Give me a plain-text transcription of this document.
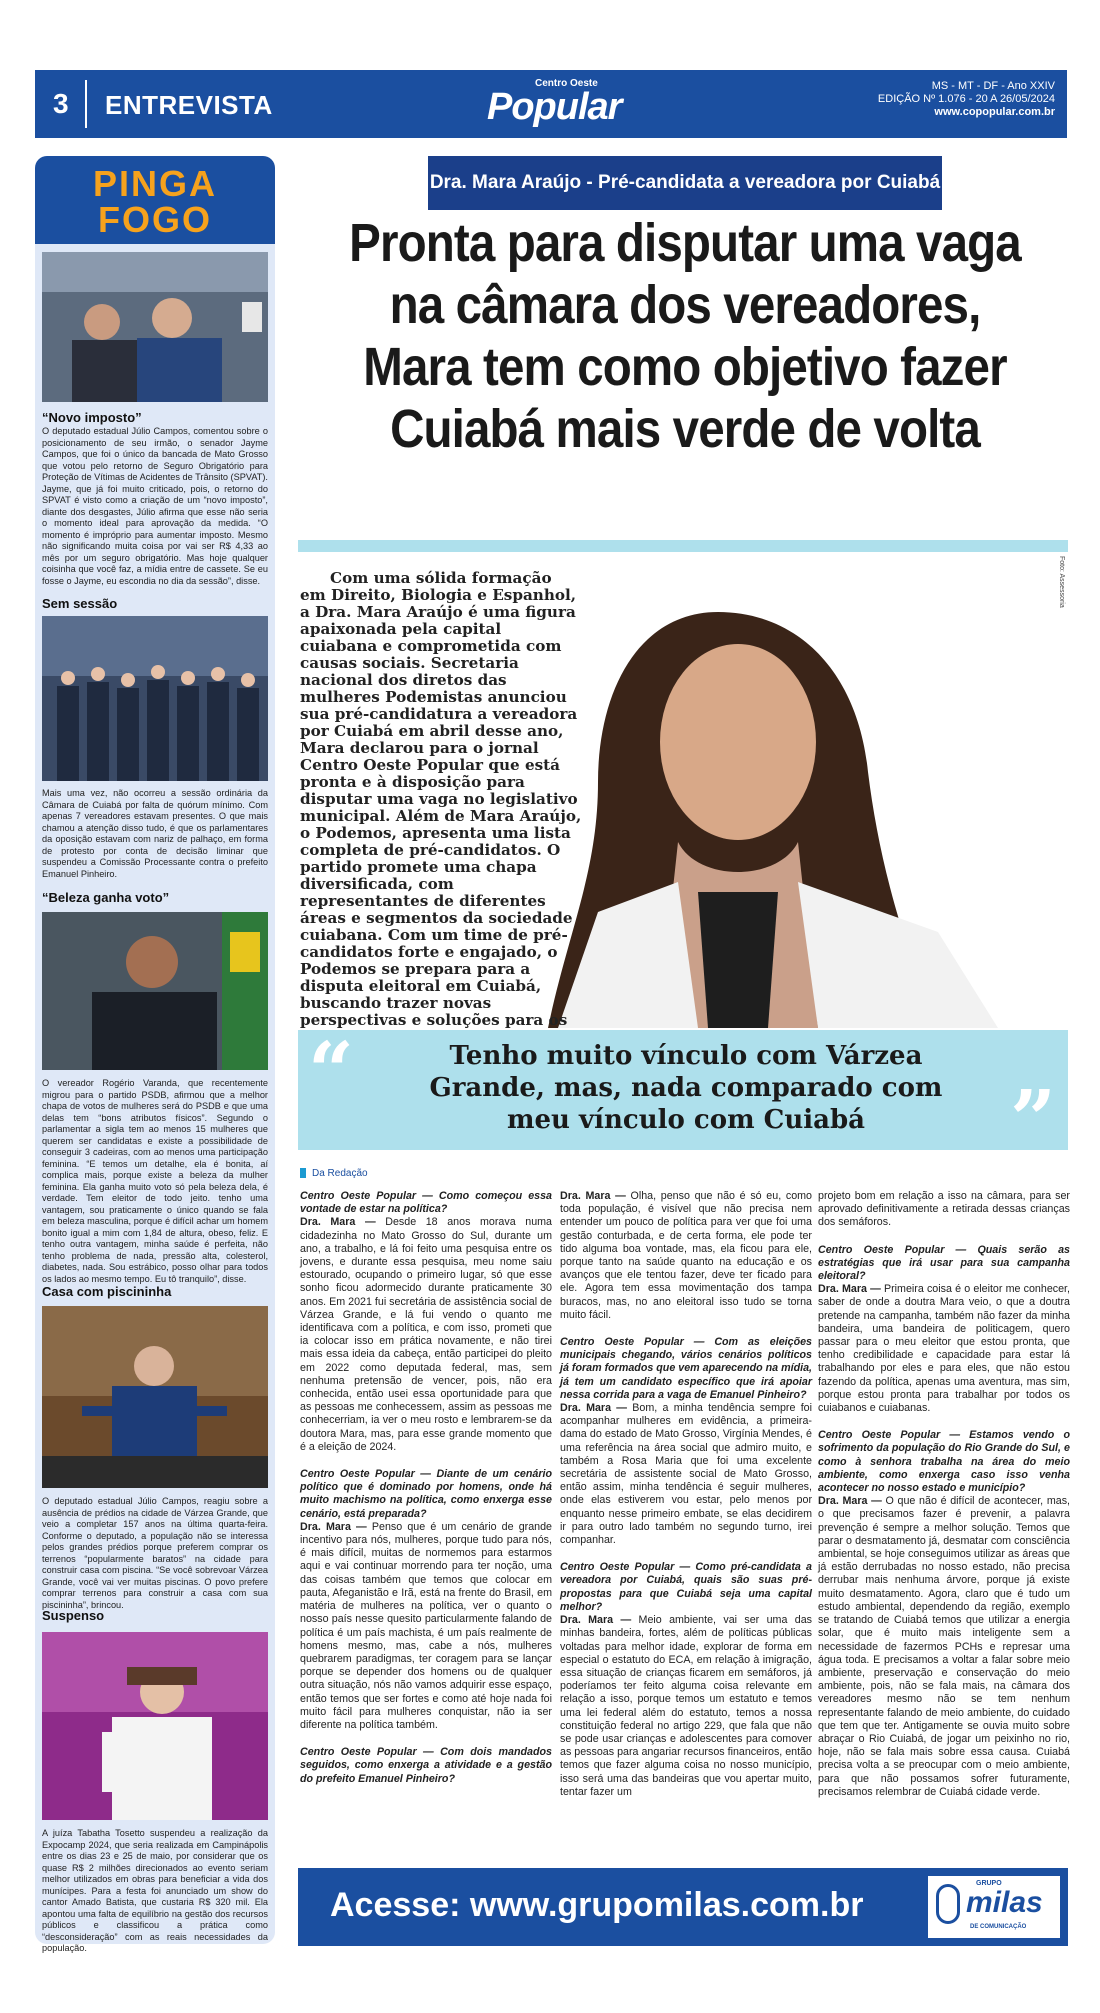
3 ENTREVISTA
Centro Oeste
Popular	MS - MT - DF - Ano XXIV
EDIÇÃO Nº 1.076 - 20 A 26/05/2024
www.copopular.com.br
PINGA
FOGO
“Novo imposto”
O deputado estadual Júlio Campos, comentou sobre o posicionamento de seu irmão, o senador Jayme Campos, que foi o único da bancada de Mato Grosso que votou pelo retorno de Seguro Obrigatório para Proteção de Vítimas de Acidentes de Trânsito (SPVAT). Jayme, que já foi muito criticado, pois, o retorno do SPVAT é visto como a criação de um “novo imposto”, diante dos desgastes, Júlio afirma que esse não seria o momento ideal para aprovação da medida. “O momento é impróprio para aumentar imposto. Mesmo não significando muita coisa por vai ser R$ 4,33 ao mês por um seguro obrigatório. Mas hoje qualquer coisinha que você faz, a mídia entre de cassete. Se eu fosse o Jayme, eu escondia no dia da sessão”, disse.
Sem sessão
Mais uma vez, não ocorreu a sessão ordinária da Câmara de Cuiabá por falta de quórum mínimo. Com apenas 7 vereadores estavam presentes. O que mais chamou a atenção disso tudo, é que os parlamentares da oposição estavam com nariz de palhaço, em forma de protesto por conta de decisão liminar que suspendeu a Comissão Processante contra o prefeito Emanuel Pinheiro.
“Beleza ganha voto”
O vereador Rogério Varanda, que recentemente migrou para o partido PSDB, afirmou que a melhor chapa de votos de mulheres será do PSDB e que uma delas tem “bons atributos físicos”. Segundo o parlamentar a sigla tem ao menos 15 mulheres que querem ser candidatas e existe a possibilidade de conseguir 3 cadeiras, com ao menos uma participação feminina. “E temos um detalhe, ela é bonita, aí complica mais, porque existe a beleza da mulher feminina. Ela ganha muito voto só pela beleza dela, é verdade. Tem eleitor de todo jeito. tenho uma vantagem, sou praticamente o único quando se fala em beleza masculina, porque é difícil achar um homem bonito igual a mim com 1,84 de altura, obeso, feliz. E tenho outra vantagem, minha saúde é perfeita, não tenho problema de nada, pressão alta, colesterol, diabetes, nada. Sou estrábico, posso olhar para todos os lados ao mesmo tempo. Eu tô tranquilo”, disse.
Casa com piscininha
O deputado estadual Júlio Campos, reagiu sobre a ausência de prédios na cidade de Várzea Grande, que veio a completar 157 anos na última quarta-feira. Conforme o deputado, a população não se interessa pelos grandes prédios porque preferem comprar os terrenos “popularmente baratos” na cidade para construir casa com piscina. “Se você sobrevoar Várzea Grande, você vai ver muitas piscinas. O povo prefere comprar terrenos para construir a casa com sua piscininha”, brincou.
Suspenso
A juíza Tabatha Tosetto suspendeu a realização da Expocamp 2024, que seria realizada em Campinápolis entre os dias 23 e 25 de maio, por considerar que os quase R$ 2 milhões direcionados ao evento seriam melhor utilizados em obras para beneficiar a vida dos munícipes. Para a festa foi anunciado um show do cantor Amado Batista, que custaria R$ 320 mil. Ela apontou uma falta de equilíbrio na gestão dos recursos públicos e classificou a prática como “desconsideração” com as reais necessidades da população.
Dra. Mara Araújo - Pré-candidata a vereadora por Cuiabá
Pronta para disputar uma vaga na câmara dos vereadores, Mara tem como objetivo fazer Cuiabá mais verde de volta
Foto: Assessoria

Com uma sólida formação em Direito, Biologia e Espanhol, a Dra. Mara Araújo é uma figura apaixonada pela capital cuiabana e comprometida com causas sociais. Secretaria nacional dos diretos das mulheres Podemistas anunciou sua pré-candidatura a vereadora por Cuiabá em abril desse ano, Mara declarou para o jornal Centro Oeste Popular que está pronta e à disposição para disputar uma vaga no legislativo municipal. Além de Mara Araújo, o Podemos, apresenta uma lista completa de pré-candidatos. O partido promete uma chapa diversificada, com representantes de diferentes áreas e segmentos da sociedade cuiabana. Com um time de pré-candidatos forte e engajado, o Podemos se prepara para a disputa eleitoral em Cuiabá, buscando trazer novas perspectivas e soluções para os

“	Tenho muito vínculo com Várzea Grande, mas, nada comparado com meu vínculo com Cuiabá	”
Da Redação

Centro Oeste Popular — Como começou essa vontade de estar na política?
Dra. Mara — Desde 18 anos morava numa cidadezinha no Mato Grosso do Sul, durante um ano, a trabalho, e lá foi feito uma pesquisa entre os jovens, e durante essa pesquisa, meu nome saiu estourado, ocupando o primeiro lugar, só que esse sonho ficou adormecido durante praticamente 30 anos. Em 2021 fui secretária de assistência social de Várzea Grande, e lá fui vendo o quanto me identificava com a política, e com isso, prometi que ia colocar isso em prática novamente, e não tirei mais essa ideia da cabeça, então participei do pleito em 2022 como deputada federal, mas, sem nenhuma pretensão de vencer, pois, não era conhecida, então usei essa oportunidade para que as pessoas me conhecessem, assim as pessoas me conhecerriam, ia ver o meu rosto e lembrarem-se da doutora Mara, mas, para esse grande momento que é a eleição de 2024.

Centro Oeste Popular — Diante de um cenário político que é dominado por homens, onde há muito machismo na política, como enxerga esse cenário, está preparada?
Dra. Mara — Penso que é um cenário de grande incentivo para nós, mulheres, porque tudo para nós, é mais difícil, muitas de normemos para estarmos aqui e vai continuar morrendo para ter noção, uma das coisas também que temos que colocar em pauta, Afeganistão e Irã, está na frente do Brasil, em matéria de mulheres na política, ver o quanto o nosso país nesse quesito particularmente falando de política é um país machista, é um país realmente de homens mesmo, mas, cabe a nós, mulheres quebrarem paradigmas, ter coragem para se lançar porque se depender dos homens ou de qualquer outra situação, nós não vamos adquirir esse espaço, então temos que ser fortes e como até hoje nada foi muito fácil para mulheres conquistar, não ia ser diferente na política também.

Centro Oeste Popular — Com dois mandados seguidos, como enxerga a atividade e a gestão do prefeito Emanuel Pinheiro?

Dra. Mara — Olha, penso que não é só eu, como toda população, é visível que não precisa nem entender um pouco de política para ver que foi uma gestão conturbada, e de certa forma, ele pode ter tido alguma boa vontade, mas, ela ficou para ele, porque tanto na saúde quanto na educação e os avanços que ele tentou fazer, deve ter ficado para ele. Agora tem essa movimentação dos tampa buracos, mas, no ano eleitoral isso tudo se torna muito fácil.

Centro Oeste Popular — Com as eleições municipais chegando, vários cenários políticos já foram formados que vem aparecendo na mídia, já tem um candidato específico que irá apoiar nessa corrida para a vaga de Emanuel Pinheiro?
Dra. Mara — Bom, a minha tendência sempre foi acompanhar mulheres em evidência, a primeira-dama do estado de Mato Grosso, Virgínia Mendes, é uma referência na área social que admiro muito, e também a Rosa Maria que foi uma excelente secretária de assistente social de Mato Grosso, então assim, minha tendência é seguir mulheres, onde elas estiverem vou estar, pelo menos por enquanto nesse primeiro embate, se elas decidirem ir para outro lado também no segundo turno, irei companhar.

Centro Oeste Popular — Como pré-candidata a vereadora por Cuiabá, quais são suas pré-propostas para que Cuiabá seja uma capital melhor?
Dra. Mara — Meio ambiente, vai ser uma das minhas bandeira, fortes, além de políticas públicas voltadas para melhor idade, explorar de forma em especial o estatuto do ECA, em relação à imigração, essa situação de crianças ficarem em semáforos, já poderíamos ter feito alguma coisa relevante em relação a isso, porque temos um estatuto e temos uma lei federal além do estatuto, temos a nossa constituição federal no artigo 229, que fala que não se pode usar crianças e adolescentes para comover as pessoas para angariar recursos financeiros, então temos que fazer alguma coisa no nosso município, isso será uma das bandeiras que vou apertar muito, tentar fazer um

projeto bom em relação a isso na câmara, para ser aprovado definitivamente a retirada dessas crianças dos semáforos.

Centro Oeste Popular — Quais serão as estratégias que irá usar para sua campanha eleitoral?
Dra. Mara — Primeira coisa é o eleitor me conhecer, saber de onde a doutra Mara veio, o que a doutra pretende na campanha, também não fazer da minha bandeira, uma bandeira de politicagem, quero passar para o meu eleitor que estou pronta, que tenho credibilidade e capacidade para estar lá trabalhando por eles e para eles, que não estou fazendo da política, apenas uma aventura, mas sim, porque estou pronta para trabalhar por todos os cuiabanos e cuiabanas.

Centro Oeste Popular — Estamos vendo o sofrimento da população do Rio Grande do Sul, e como à senhora trabalha na área do meio ambiente, como enxerga caso isso venha acontecer no nosso estado e município?
Dra. Mara — O que não é difícil de acontecer, mas, o que precisamos fazer é prevenir, a palavra prevenção é sempre a melhor solução. Temos que parar o desmatamento já, desmatar com consciência ambiental, se hoje conseguimos utilizar as áreas que já estão derrubadas no nosso estado, não precisa derrubar mais nenhuma árvore, porque já existe muito desmatamento. Agora, claro que é tudo um estudo ambiental, dependendo da região, exemplo se tratando de Cuiabá temos que utilizar a energia solar, que é muito mais inteligente sem a necessidade de fazermos PCHs e represar uma água toda. E precisamos a voltar a falar sobre meio ambiente, preservação e conservação do meio ambiente, pois, não se fala mais, na câmara dos vereadores mesmo não se tem nenhum representante falando de meio ambiente, do cuidado que tem que ter. Antigamente se ouvia muito sobre abraçar o Rio Cuiabá, de jogar um peixinho no rio, hoje, não se fala mais sobre essa causa. Cuiabá precisa volta a se preocupar com o meio ambiente, para que não possamos sofrer futuramente, precisamos relembrar de Cuiabá cidade verde.

Acesse: www.grupomilas.com.br
GRUPO
milas
DE COMUNICAÇÃO
